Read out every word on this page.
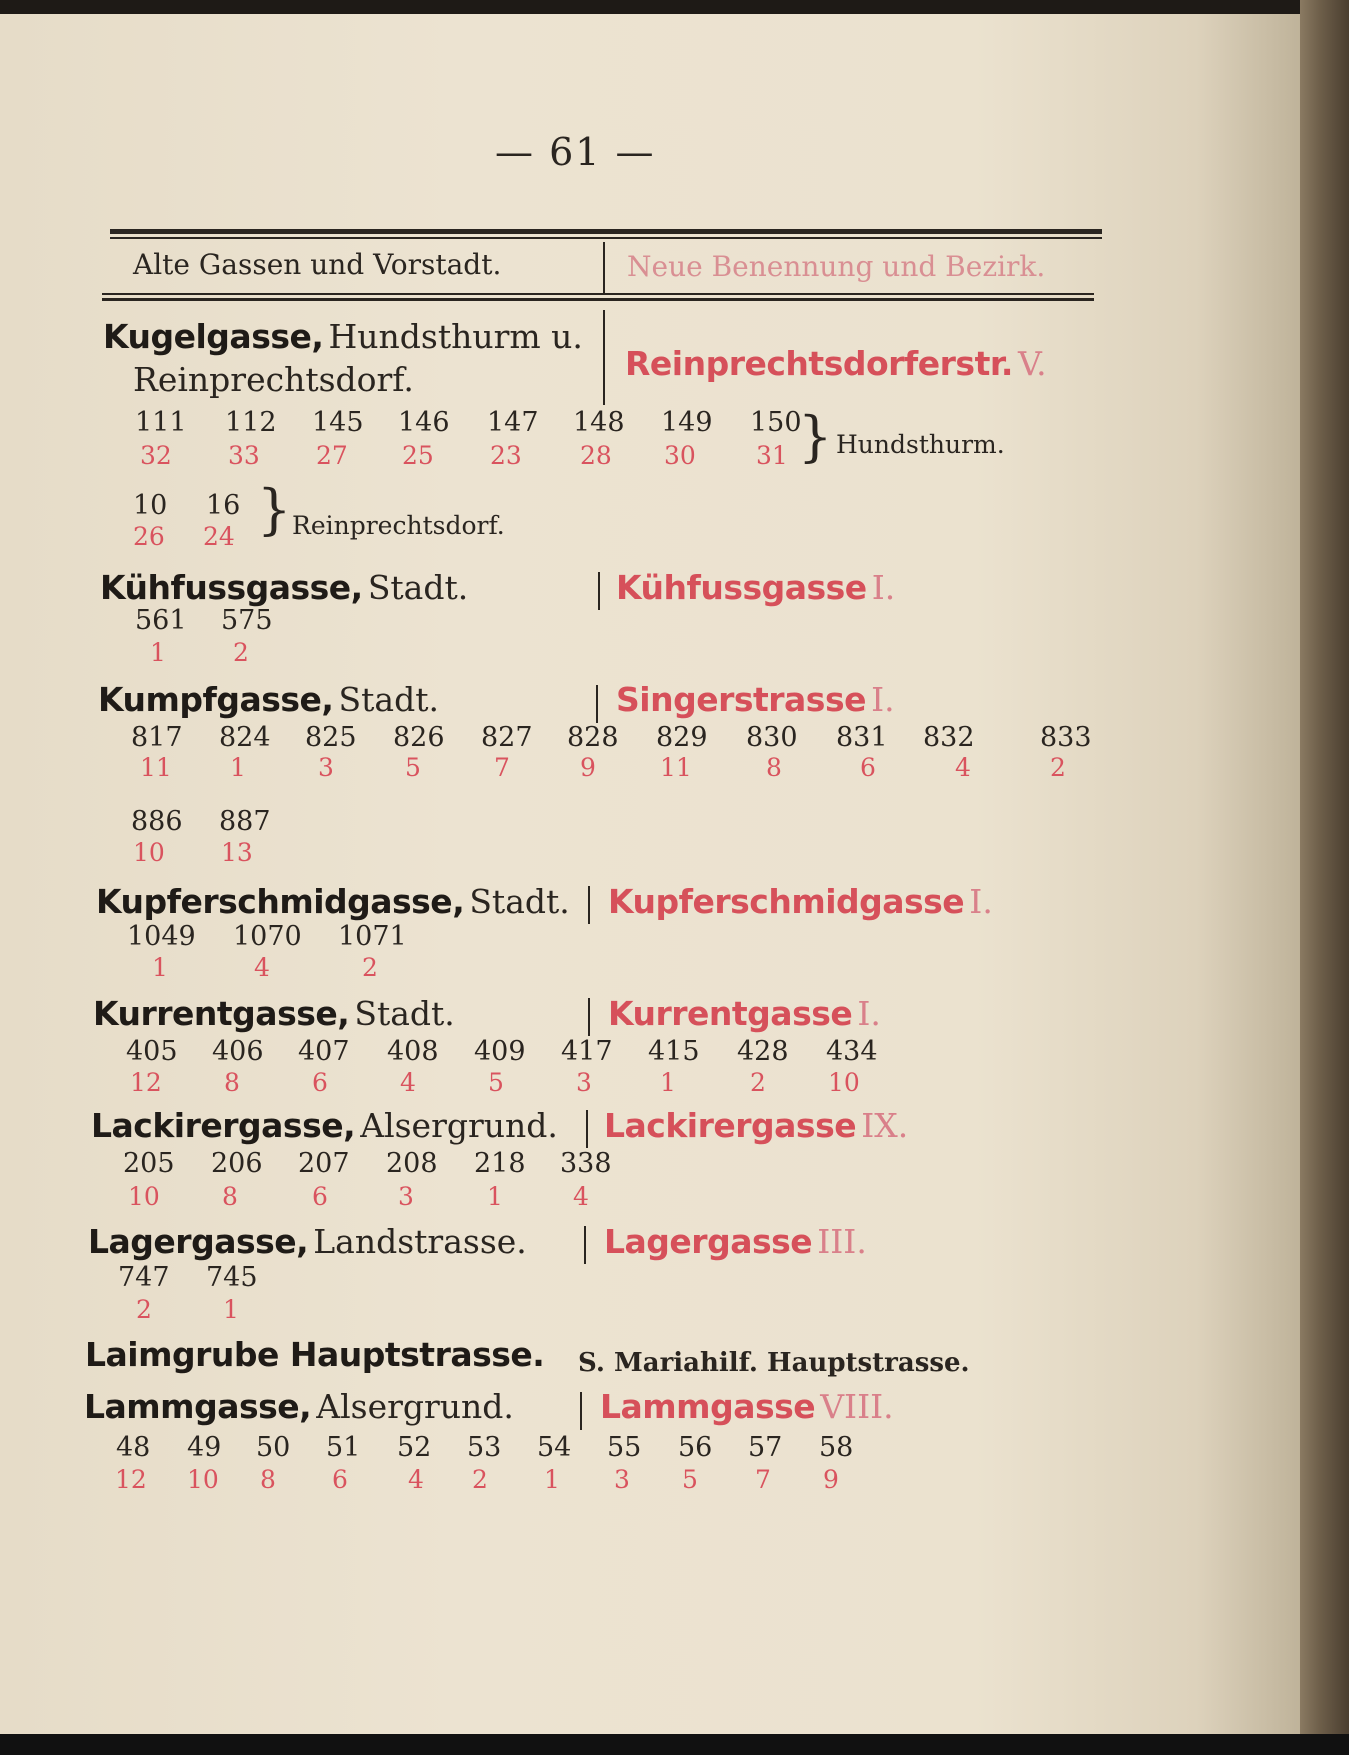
— 61 —
Alte Gassen und Vorstadt.	Neue Benennung und Bezirk.
Kugelgasse, Hundsthurm u.
Reinprechtsdorf.	Reinprechtsdorferstr. V.
111 112 145 146 147 148 149 150
32 33 27 25 23 28 30 31 } Hundsthurm.
10 16
26 24 } Reinprechtsdorf.
Kühfussgasse, Stadt.	Kühfussgasse I.
561 575
1	2
Kumpfgasse, Stadt.	Singerstrasse I.
817 824 825 826 827 828 829 830 831 832 833
11 1	3	5	7	9	11	8	6	4	2
886 887
10 13
Kupferschmidgasse, Stadt. Kupferschmidgasse I.
1049 1070 1071
1	4	2
Kurrentgasse, Stadt.	Kurrentgasse I.
405 406 407 408 409 417 415 428 434
12 8	6	4	5	3	1	2 10
Lackirergasse, Alsergrund. Lackirergasse IX.
205 206 207 208 218 338
10 8	6	3	1	4
Lagergasse, Landstrasse. Lagergasse III.
747 745
2	1
Laimgrube Hauptstrasse. S. Mariahilf. Hauptstrasse.
Lammgasse, Alsergrund.	Lammgasse VIII.
48 49 50 51 52 53 54 55 56 57 58
12 10 8 6 4 2 1 3 5 7 9
